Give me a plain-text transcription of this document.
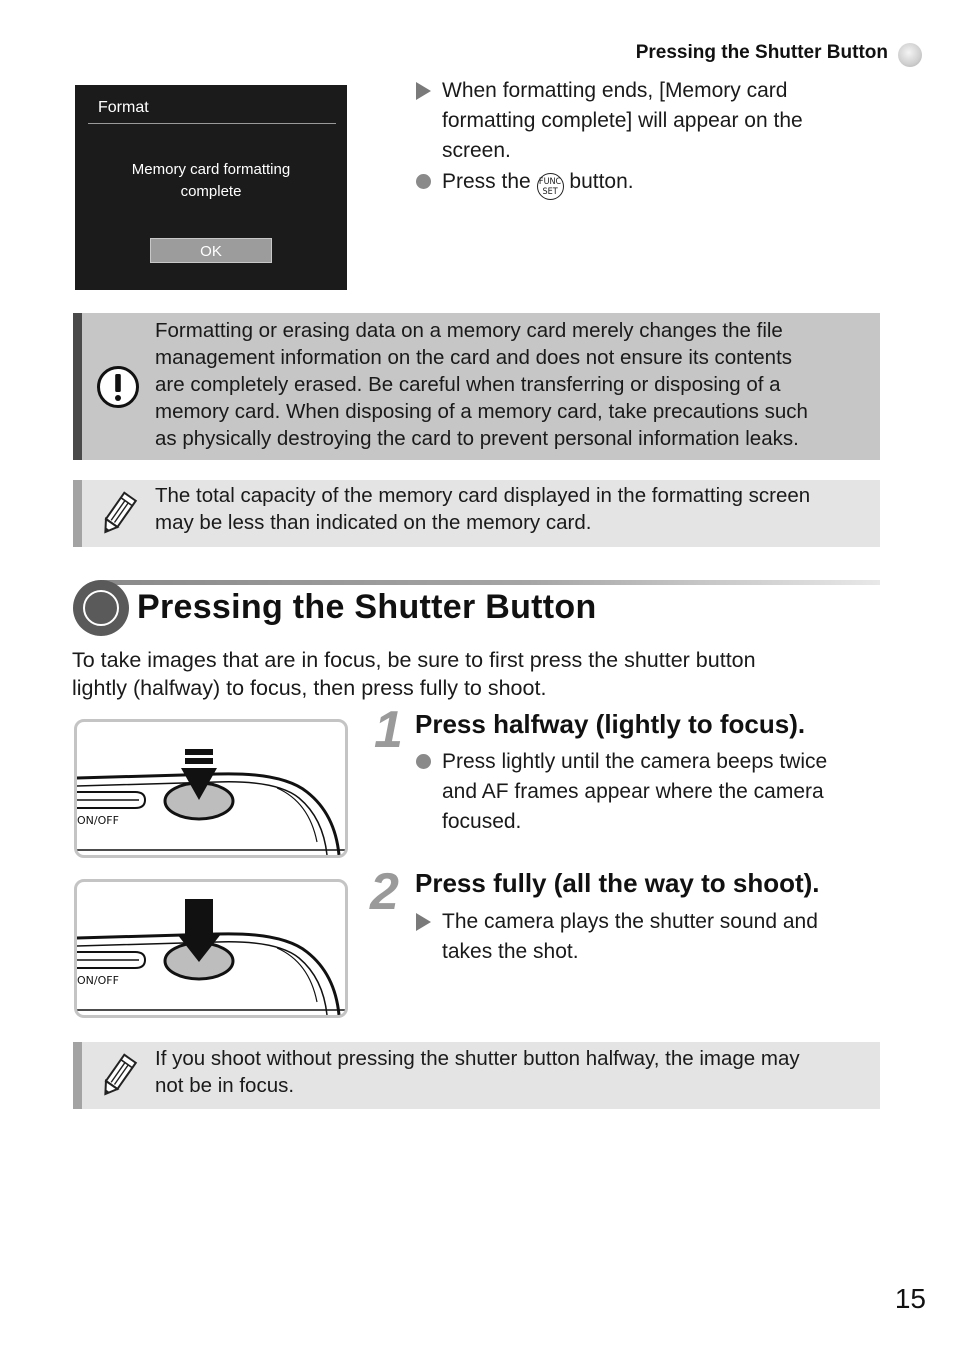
Pressing the Shutter Button
Format
Memory card formatting
complete
OK
When formatting ends, [Memory card
formatting complete] will appear on the
screen.
Press the FUNC
SET button.
Formatting or erasing data on a memory card merely changes the file
management information on the card and does not ensure its contents
are completely erased. Be careful when transferring or disposing of a
memory card. When disposing of a memory card, take precautions such
as physically destroying the card to prevent personal information leaks.
The total capacity of the memory card displayed in the formatting screen
may be less than indicated on the memory card.
Pressing the Shutter Button
To take images that are in focus, be sure to first press the shutter button
lightly (halfway) to focus, then press fully to shoot.
ON/OFF
1 Press halfway (lightly to focus).
Press lightly until the camera beeps twice
and AF frames appear where the camera
focused.
ON/OFF
2 Press fully (all the way to shoot).
The camera plays the shutter sound and
takes the shot.
If you shoot without pressing the shutter button halfway, the image may
not be in focus.
15
